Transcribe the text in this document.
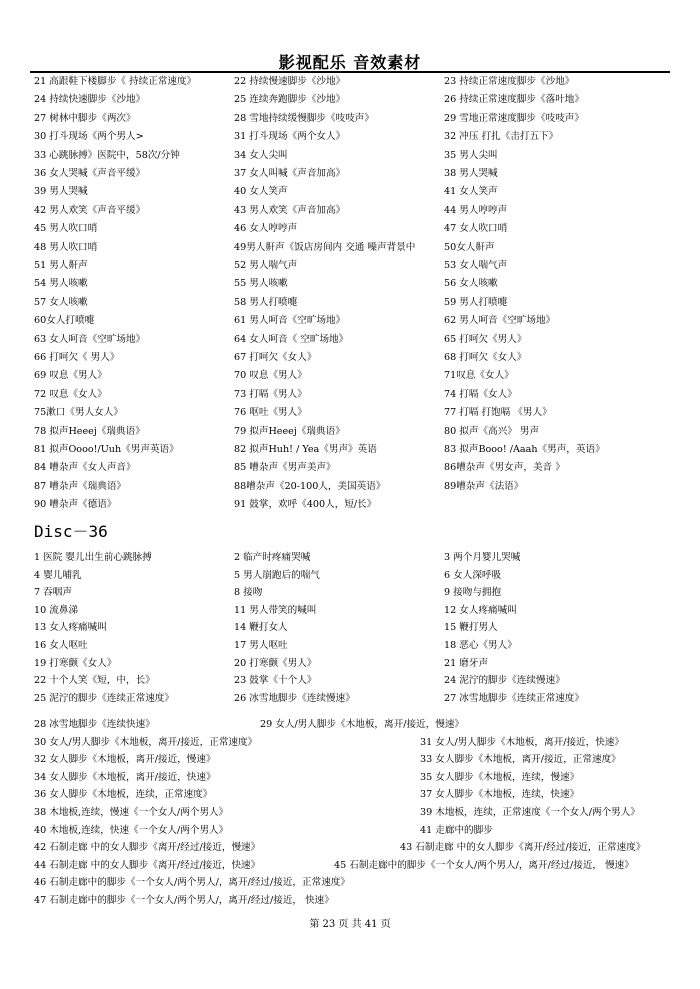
影视配乐 音效素材
21 高跟鞋下楼脚步《 持续正常速度》	22 持续慢速脚步《沙地》	23 持续正常速度脚步《沙地》
24 持续快速脚步《沙地》	25 连续奔跑脚步《沙地》	26 持续正常速度脚步《落叶地》
27 树林中脚步《两次》	28 雪地持续缓慢脚步《吱吱声》	29 雪地正常速度脚步《吱吱声》
30 打斗现场《两个男人>	31 打斗现场《两个女人》	32 冲压 打扎《击打五下》
33 心跳脉搏》医院中，58次/分钟	34 女人尖叫	35 男人尖叫
36 女人哭喊《声音平缓》	37 女人叫喊《声音加高》	38 男人哭喊
39 男人哭喊	40 女人笑声	41 女人笑声
42 男人欢笑《声音平缓》	43 男人欢笑《声音加高》	44 男人哼哼声
45 男人吹口哨	46 女人哼哼声	47 女人吹口哨
48 男人吹口哨	49男人鼾声《饭店房间内 交通 噪声背景中	50女人鼾声
51 男人鼾声	52 男人喘气声	53 女人喘气声
54 男人咳嗽	55 男人咳嗽	56 女人咳嗽
57 女人咳嗽	58 男人打喷嚏	59 男人打喷嚏
60女人打喷嚏	61 男人呵音《空旷场地》	62 男人呵音《空旷场地》
63 女人呵音《空旷场地》	64 女人呵音《 空旷场地》	65 打呵欠《男人》
66 打呵欠《 男人》	67 打呵欠《女人》	68 打呵欠《女人》
69 叹息《男人》	70 叹息《男人》	71叹息《女人》
72 叹息《女人》	73 打嗝《男人》	74 打嗝《女人》
75漱口《男人女人》	76 呕吐《男人》	77 打嗝 打饱嗝 《男人》
78 拟声Heeej《瑞典语》	79 拟声Heeej《瑞典语》	80 拟声《高兴》 男声
81 拟声Oooo!/Uuh《男声英语》	82 拟声Huh! / Yea《男声》英语	83 拟声Booo! /Aaah《男声，英语》
84 嘈杂声《女人声音》	85 嘈杂声《男声美声》	86嘈杂声《男女声，美音 》
87 嘈杂声《瑞典语》	88嘈杂声《20-100人，美国英语》	89嘈杂声《法语》
90 嘈杂声《德语》	91 鼓掌，欢呼《400人，短/长》
Disc－36
1 医院 婴儿出生前心跳脉搏	2 临产时疼痛哭喊	3 两个月婴儿哭喊
4 婴儿哺乳	5 男人崩跑后的喘气	6 女人深呼吸
7 吞咽声	8 接吻	9 接吻与拥抱
10 流鼻涕	11 男人带笑的喊叫	12 女人疼痛喊叫
13 女人疼痛喊叫	14 鞭打女人	15 鞭打男人
16 女人呕吐	17 男人呕吐	18 恶心《男人》
19 打寒颤《女人》	20 打寒颤《男人》	21 磨牙声
22 十个人笑《短，中，长》	23 鼓掌《十个人》	24 泥泞的脚步《连续慢速》
25 泥泞的脚步《连续正常速度》	26 冰雪地脚步《连续慢速》	27 冰雪地脚步《连续正常速度》
28 冰雪地脚步《连续快速》	29 女人/男人脚步《木地板，离开/接近，慢速》
30 女人/男人脚步《木地板，离开/接近，正常速度》	31 女人/男人脚步《木地板，离开/接近，快速》
32 女人脚步《木地板，离开/接近，慢速》	33 女人脚步《木地板，离开/接近，正常速度》
34 女人脚步《木地板，离开/接近，快速》	35 女人脚步《木地板，连续，慢速》
36 女人脚步《木地板，连续，正常速度》	37 女人脚步《木地板，连续，快速》
38 木地板,连续，慢速《一个女人/两个男人》	39 木地板，连续，正常速度《一个女人/两个男人》
40 木地板,连续，快速《一个女人/两个男人》	41 走廊中的脚步
42 石制走廊 中的女人脚步《离开/经过/接近，慢速》	43 石制走廊 中的女人脚步《离开/经过/接近，正常速度》
44 石制走廊 中的女人脚步《离开/经过/接近，快速》	45 石制走廊中的脚步《一个女人/两个男人/，离开/经过/接近， 慢速》
46 石制走廊中的脚步《一个女人/两个男人/，离开/经过/接近，正常速度》
47 石制走廊中的脚步《一个女人/两个男人/，离开/经过/接近， 快速》
第 23 页 共 41 页
